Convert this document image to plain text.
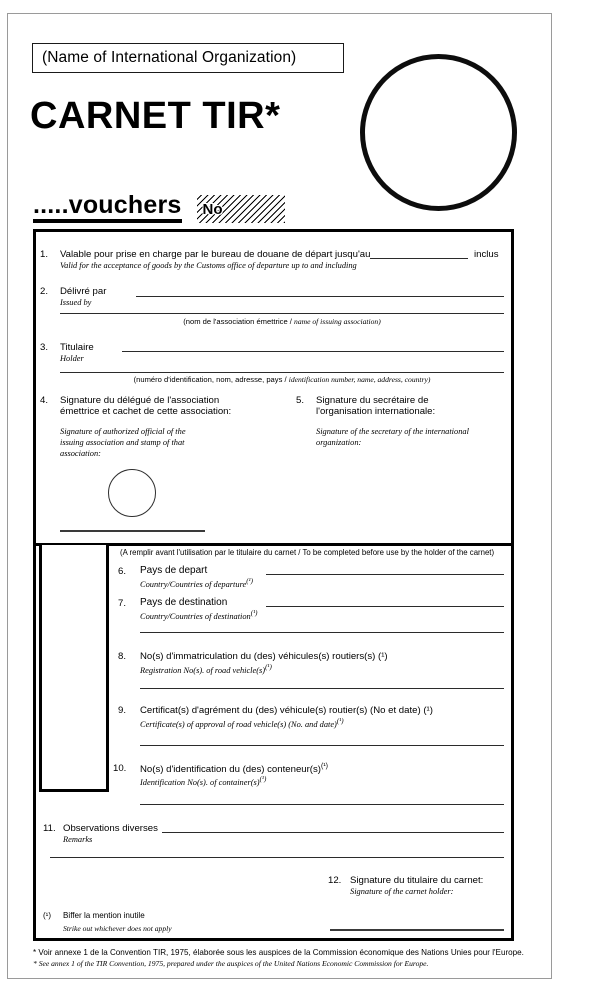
(Name of International Organization)
CARNET TIR*
.....vouchers No
1. Valable pour prise en charge par le bureau de douane de départ jusqu'au	inclus
Valid for the acceptance of goods by the Customs office of departure up to and including
2. Délivré par
Issued by
(nom de l'association émettrice / name of issuing association)
3. Titulaire
Holder
(numéro d'identification, nom, adresse, pays / identification number, name, address, country)
4. Signature du délégué de l'association
émettrice et cachet de cette association:
Signature of authorized official of the
issuing association and stamp of that
association:
5. Signature du secrétaire de
l'organisation internationale:
Signature of the secretary of the international
organization:
(A remplir avant l'utilisation par le titulaire du carnet / To be completed before use by the holder of the carnet)
6. Pays de depart
Country/Countries of departure$^{(^1)}$
7. Pays de destination
Country/Countries of destination$^{(^1)}$
8. No(s) d'immatriculation du (des) véhicules(s) routiers(s) (¹)
Registration No(s). of road $vehicle(s)^{(^1)}$
9. Certificat(s) d'agrément du (des) véhicule(s) routier(s) (No et date) (¹)
Certificate(s) of approval of road vehicle(s) (No. and date)$^{(^1)}$
10. No(s) d'identification du (des) $conteneur(s)^{(^1)}$
Identification No(s). of $container(s)^{(^1)}$
11. Observations diverses
Remarks
12. Signature du titulaire du carnet:
Signature of the carnet holder:
(¹) Biffer la mention inutile
Strike out whichever does not apply
* Voir annexe 1 de la Convention TIR, 1975, élaborée sous les auspices de la Commission économique des Nations Unies pour l'Europe.
* See annex 1 of the TIR Convention, 1975, prepared under the auspices of the United Nations Economic Commission for Europe.
